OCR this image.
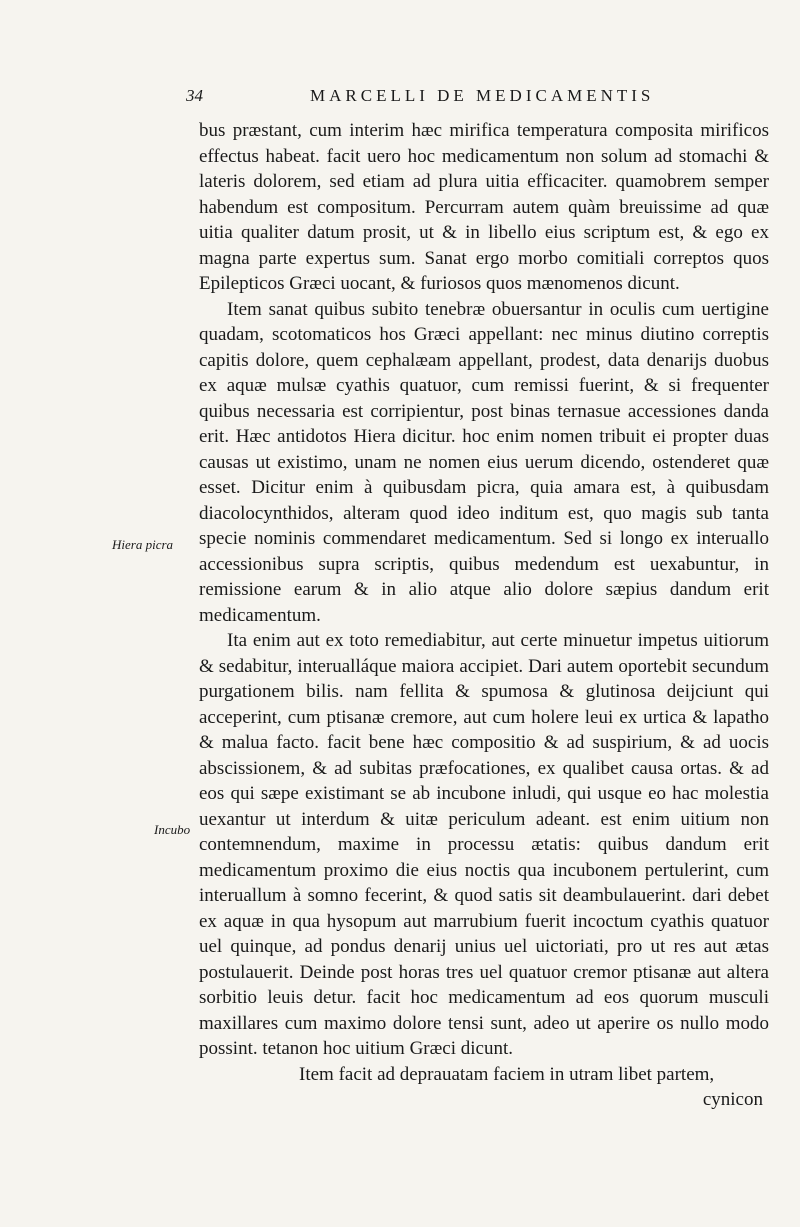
34	MARCELLI DE MEDICAMENTIS
Hiera picra
Incubo

bus præstant, cum interim hæc mirifica temperatura composita mirificos effectus habeat. facit uero hoc medicamentum non solum ad stomachi & lateris dolorem, sed etiam ad plura uitia efficaciter. quamobrem semper habendum est compositum. Percurram autem quàm breuissime ad quæ uitia qualiter datum prosit, ut & in libello eius scriptum est, & ego ex magna parte expertus sum. Sanat ergo morbo comitiali correptos quos Epilepticos Græci uocant, & furiosos quos mænomenos dicunt.

Item sanat quibus subito tenebræ obuersantur in oculis cum uertigine quadam, scotomaticos hos Græci appellant: nec minus diutino correptis capitis dolore, quem cephalæam appellant, prodest, data denarijs duobus ex aquæ mulsæ cyathis quatuor, cum remissi fuerint, & si frequenter quibus necessaria est corripientur, post binas ternasue accessiones danda erit. Hæc antidotos Hiera dicitur. hoc enim nomen tribuit ei propter duas causas ut existimo, unam ne nomen eius uerum dicendo, ostenderet quæ esset. Dicitur enim à quibusdam picra, quia amara est, à quibusdam diacolocynthidos, alteram quod ideo inditum est, quo magis sub tanta specie nominis commendaret medicamentum. Sed si longo ex interuallo accessionibus supra scriptis, quibus medendum est uexabuntur, in remissione earum & in alio atque alio dolore sæpius dandum erit medicamentum.

Ita enim aut ex toto remediabitur, aut certe minuetur impetus uitiorum & sedabitur, interualláque maiora accipiet. Dari autem oportebit secundum purgationem bilis. nam fellita & spumosa & glutinosa deijciunt qui acceperint, cum ptisanæ cremore, aut cum holere leui ex urtica & lapatho & malua facto. facit bene hæc compositio & ad suspirium, & ad uocis abscissionem, & ad subitas præfocationes, ex qualibet causa ortas. & ad eos qui sæpe existimant se ab incubone inludi, qui usque eo hac molestia uexantur ut interdum & uitæ periculum adeant. est enim uitium non contemnendum, maxime in processu ætatis: quibus dandum erit medicamentum proximo die eius noctis qua incubonem pertulerint, cum interuallum à somno fecerint, & quod satis sit deambulauerint. dari debet ex aquæ in qua hysopum aut marrubium fuerit incoctum cyathis quatuor uel quinque, ad pondus denarij unius uel uictoriati, pro ut res aut ætas postulauerit. Deinde post horas tres uel quatuor cremor ptisanæ aut altera sorbitio leuis detur. facit hoc medicamentum ad eos quorum musculi maxillares cum maximo dolore tensi sunt, adeo ut aperire os nullo modo possint. tetanon hoc uitium Græci dicunt.

Item facit ad deprauatam faciem in utram libet partem,

cynicon
